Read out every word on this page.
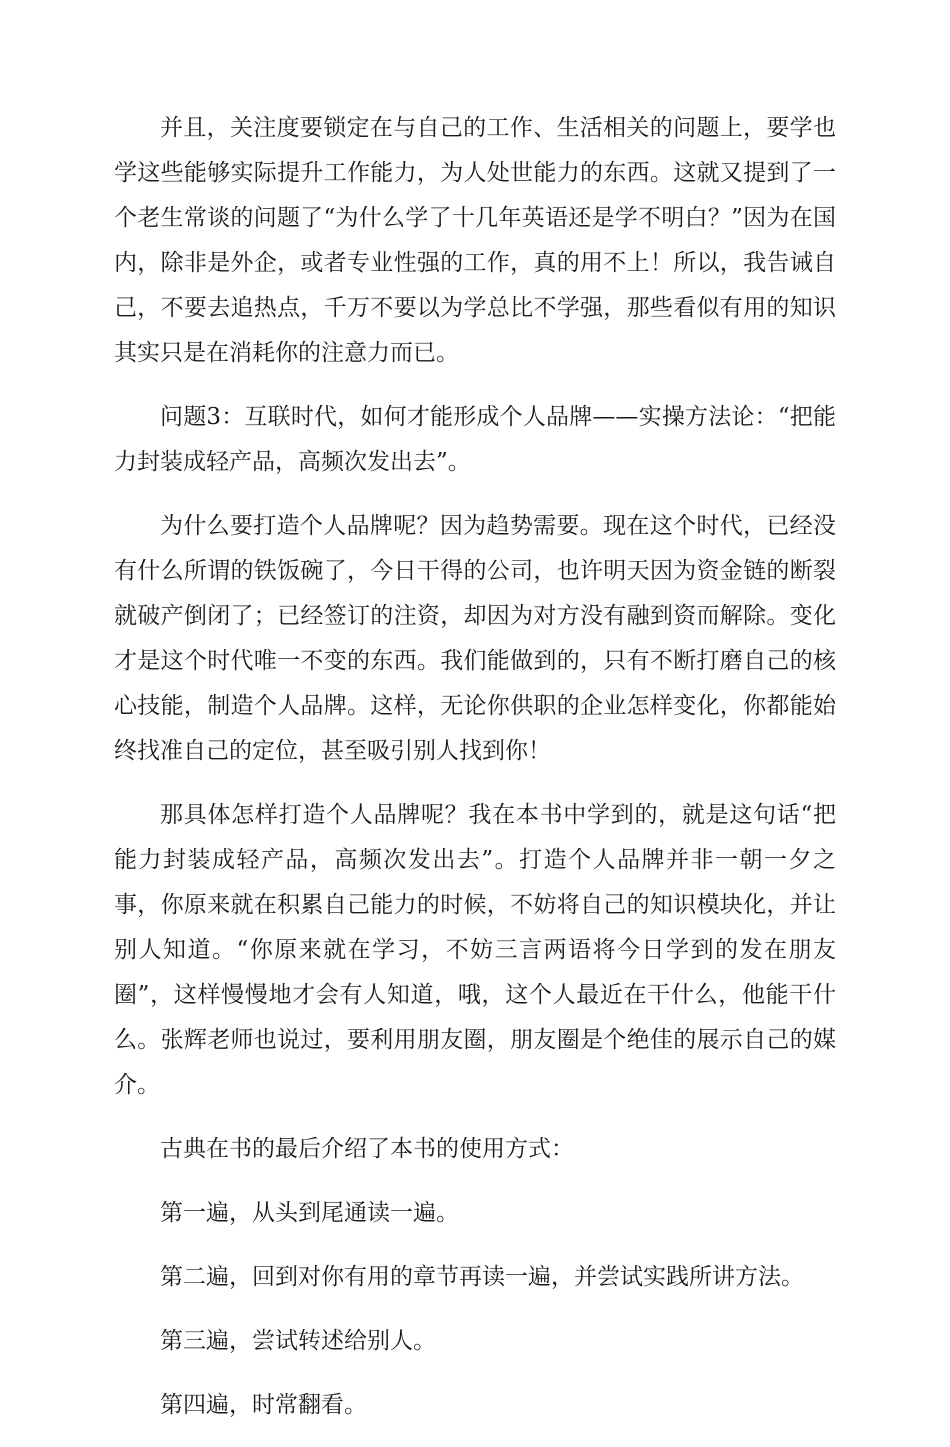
并且，关注度要锁定在与自己的工作、生活相关的问题上，要学也学这些能够实际提升工作能力，为人处世能力的东西。这就又提到了一个老生常谈的问题了“为什么学了十几年英语还是学不明白？”因为在国内，除非是外企，或者专业性强的工作，真的用不上！所以，我告诫自己，不要去追热点，千万不要以为学总比不学强，那些看似有用的知识其实只是在消耗你的注意力而已。

问题3：互联时代，如何才能形成个人品牌——实操方法论：“把能力封装成轻产品，高频次发出去”。

为什么要打造个人品牌呢？因为趋势需要。现在这个时代，已经没有什么所谓的铁饭碗了，今日干得的公司，也许明天因为资金链的断裂就破产倒闭了；已经签订的注资，却因为对方没有融到资而解除。变化才是这个时代唯一不变的东西。我们能做到的，只有不断打磨自己的核心技能，制造个人品牌。这样，无论你供职的企业怎样变化，你都能始终找准自己的定位，甚至吸引别人找到你！

那具体怎样打造个人品牌呢？我在本书中学到的，就是这句话“把能力封装成轻产品，高频次发出去”。打造个人品牌并非一朝一夕之事，你原来就在积累自己能力的时候，不妨将自己的知识模块化，并让别人知道。“你原来就在学习，不妨三言两语将今日学到的发在朋友圈”，这样慢慢地才会有人知道，哦，这个人最近在干什么，他能干什么。张辉老师也说过，要利用朋友圈，朋友圈是个绝佳的展示自己的媒介。

古典在书的最后介绍了本书的使用方式：

第一遍，从头到尾通读一遍。

第二遍，回到对你有用的章节再读一遍，并尝试实践所讲方法。

第三遍，尝试转述给别人。

第四遍，时常翻看。
